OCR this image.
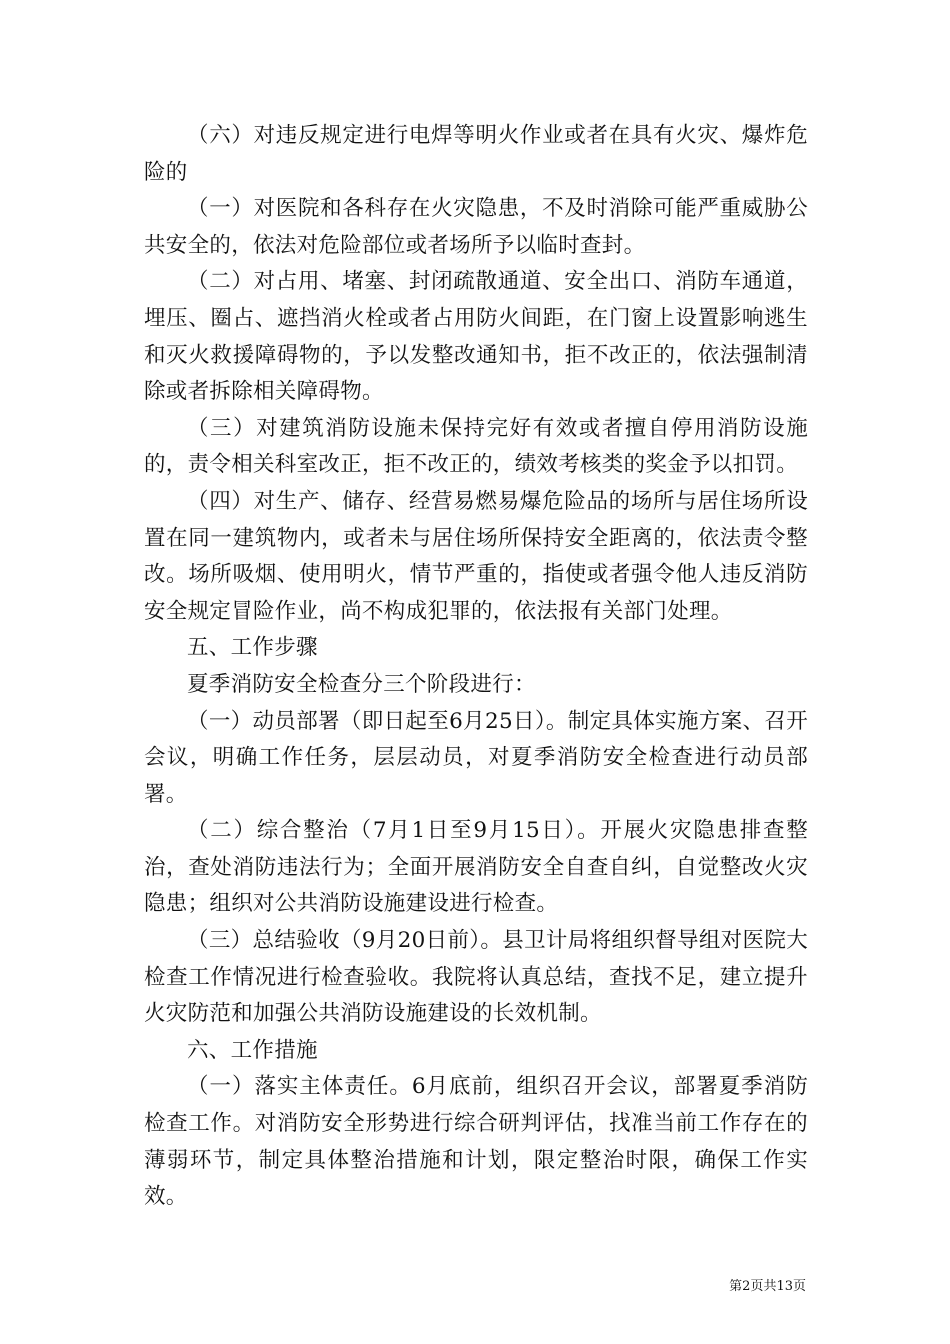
（六）对违反规定进行电焊等明火作业或者在具有火灾、爆炸危险的

（一）对医院和各科存在火灾隐患，不及时消除可能严重威胁公共安全的，依法对危险部位或者场所予以临时查封。

（二）对占用、堵塞、封闭疏散通道、安全出口、消防车通道，埋压、圈占、遮挡消火栓或者占用防火间距，在门窗上设置影响逃生和灭火救援障碍物的，予以发整改通知书，拒不改正的，依法强制清除或者拆除相关障碍物。

（三）对建筑消防设施未保持完好有效或者擅自停用消防设施的，责令相关科室改正，拒不改正的，绩效考核类的奖金予以扣罚。

（四）对生产、储存、经营易燃易爆危险品的场所与居住场所设置在同一建筑物内，或者未与居住场所保持安全距离的，依法责令整改。场所吸烟、使用明火，情节严重的，指使或者强令他人违反消防安全规定冒险作业，尚不构成犯罪的，依法报有关部门处理。

五、工作步骤

夏季消防安全检查分三个阶段进行：

（一）动员部署（即日起至6月25日）。制定具体实施方案、召开会议，明确工作任务，层层动员，对夏季消防安全检查进行动员部署。

（二）综合整治（7月1日至9月15日）。开展火灾隐患排查整治，查处消防违法行为；全面开展消防安全自查自纠，自觉整改火灾隐患；组织对公共消防设施建设进行检查。

（三）总结验收（9月20日前）。县卫计局将组织督导组对医院大检查工作情况进行检查验收。我院将认真总结，查找不足，建立提升火灾防范和加强公共消防设施建设的长效机制。

六、工作措施

（一）落实主体责任。6月底前，组织召开会议，部署夏季消防检查工作。对消防安全形势进行综合研判评估，找准当前工作存在的薄弱环节，制定具体整治措施和计划，限定整治时限，确保工作实效。

第2页共13页
